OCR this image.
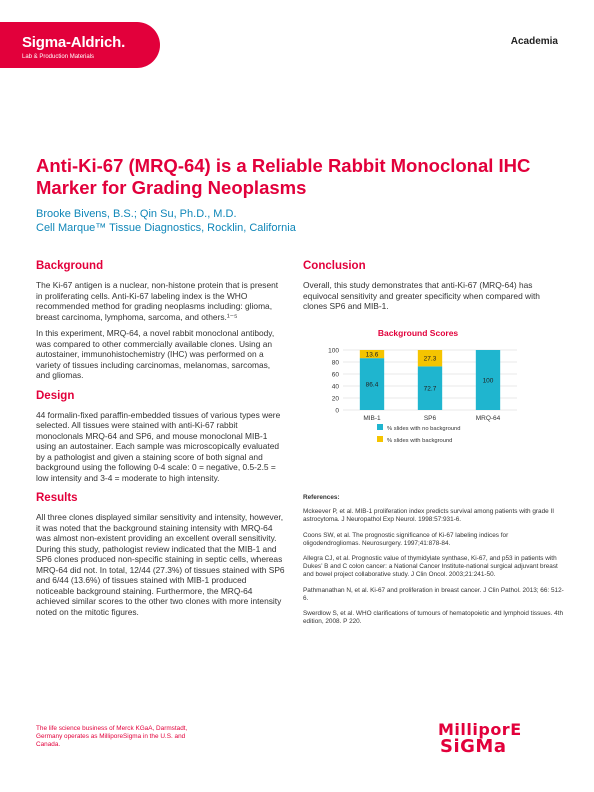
Sigma-Aldrich.
Lab & Production Materials
Academia
Anti-Ki-67 (MRQ-64) is a Reliable Rabbit Monoclonal IHC Marker for Grading Neoplasms
Brooke Bivens, B.S.; Qin Su, Ph.D., M.D.
Cell Marque™ Tissue Diagnostics, Rocklin, California
Background

The Ki-67 antigen is a nuclear, non-histone protein that is present in proliferating cells. Anti-Ki-67 labeling index is the WHO recommended method for grading neoplasms including: glioma, breast carcinoma, lymphoma, sarcoma, and others.¹⁻⁵

In this experiment, MRQ-64, a novel rabbit monoclonal antibody, was compared to other commercially available clones. Using an autostainer, immunohistochemistry (IHC) was performed on a variety of tissues including carcinomas, melanomas, sarcomas, and gliomas.

Design

44 formalin-fixed paraffin-embedded tissues of various types were selected. All tissues were stained with anti-Ki-67 rabbit monoclonals MRQ-64 and SP6, and mouse monoclonal MIB-1 using an autostainer. Each sample was microscopically evaluated by a pathologist and given a staining score of both signal and background using the following 0-4 scale: 0 = negative, 0.5-2.5 = low intensity and 3-4 = moderate to high intensity.

Results

All three clones displayed similar sensitivity and intensity, however, it was noted that the background staining intensity with MRQ-64 was almost non-existent providing an excellent overall sensitivity. During this study, pathologist review indicated that the MIB-1 and SP6 clones produced non-specific staining in septic cells, whereas MRQ-64 did not. In total, 12/44 (27.3%) of tissues stained with SP6 and 6/44 (13.6%) of tissues stained with MIB-1 produced noticeable background staining. Furthermore, the MRQ-64 achieved similar scores to the other two clones with more intensity noted on the mitotic figures.

Conclusion

Overall, this study demonstrates that anti-Ki-67 (MRQ-64) has equivocal sensitivity and greater specificity when compared with clones SP6 and MIB-1.

Background Scores
0
20
40
60
80
100
86.4
13.6
MIB-1
72.7
27.3
SP6
100
MRQ-64
% slides with no background
% slides with background
References:
Mckeever P, et al. MIB-1 proliferation index predicts survival among patients with grade II astrocytoma. J Neuropathol Exp Neurol. 1998:57:931-6.
Coons SW, et al. The prognostic significance of Ki-67 labeling indices for oligodendrogliomas. Neurosurgery. 1997;41:878-84.
Allegra CJ, et al. Prognostic value of thymidylate synthase, Ki-67, and p53 in patients with Dukes’ B and C colon cancer: a National Cancer Institute-national surgical adjuvant breast and bowel project collaborative study. J Clin Oncol. 2003;21:241-50.
Pathmanathan N, et al. Ki-67 and proliferation in breast cancer. J Clin Pathol. 2013; 66: 512-6.
Swerdlow S, et al. WHO clarifications of tumours of hematopoietic and lymphoid tissues. 4th edition, 2008. P 220.
The life science business of Merck KGaA, Darmstadt, Germany operates as MilliporeSigma in the U.S. and Canada.
MilliporE
SiGMa
